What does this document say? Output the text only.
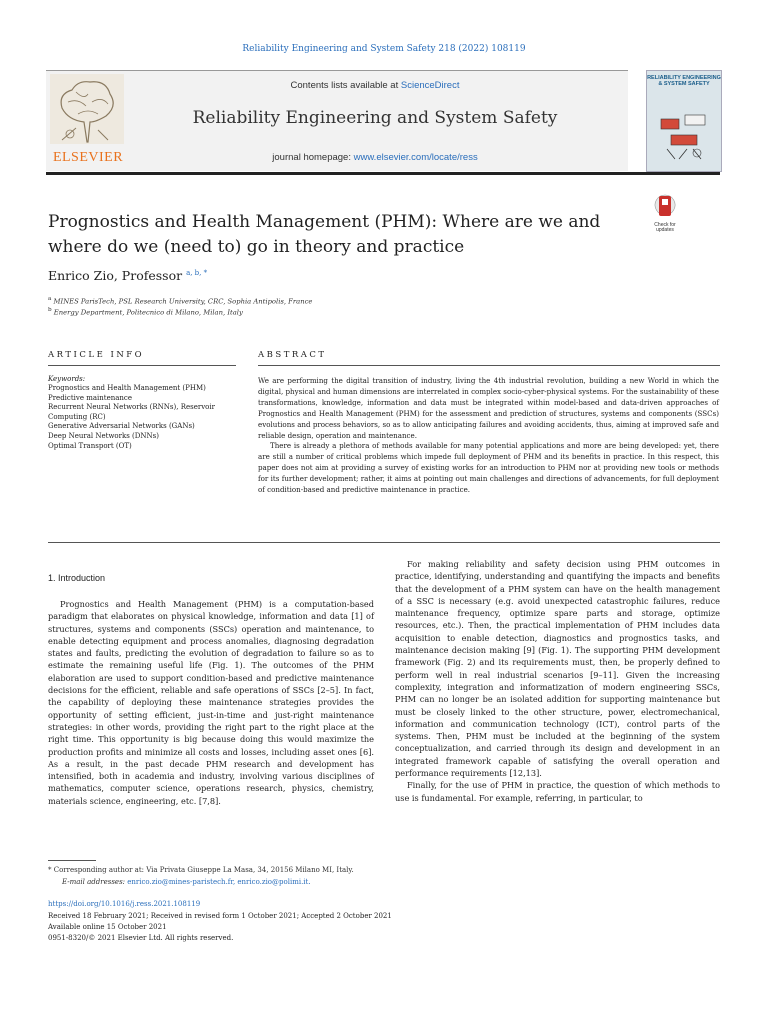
Reliability Engineering and System Safety 218 (2022) 108119
ELSEVIER
Contents lists available at ScienceDirect
Reliability Engineering and System Safety
journal homepage: www.elsevier.com/locate/ress
RELIABILITY ENGINEERING & SYSTEM SAFETY
Prognostics and Health Management (PHM): Where are we and where do we (need to) go in theory and practice
Check for updates
Enrico Zio, Professor $^{a, b, *}$
$^a$ MINES ParisTech, PSL Research University, CRC, Sophia Antipolis, France
$^b$ Energy Department, Politecnico di Milano, Milan, Italy
ARTICLE INFO	ABSTRACT
Keywords:
Prognostics and Health Management (PHM)
Predictive maintenance
Recurrent Neural Networks (RNNs), Reservoir Computing (RC)
Generative Adversarial Networks (GANs)
Deep Neural Networks (DNNs)
Optimal Transport (OT)

We are performing the digital transition of industry, living the 4th industrial revolution, building a new World in which the digital, physical and human dimensions are interrelated in complex socio-cyber-physical systems. For the sustainability of these transformations, knowledge, information and data must be integrated within model-based and data-driven approaches of Prognostics and Health Management (PHM) for the assessment and prediction of structures, systems and components (SSCs) evolutions and process behaviors, so as to allow anticipating failures and avoiding accidents, thus, aiming at improved safe and reliable design, operation and maintenance.

There is already a plethora of methods available for many potential applications and more are being developed: yet, there are still a number of critical problems which impede full deployment of PHM and its benefits in practice. In this respect, this paper does not aim at providing a survey of existing works for an introduction to PHM nor at providing new tools or methods for its further development; rather, it aims at pointing out main challenges and directions of advancements, for full deployment of condition-based and predictive maintenance in practice.

1. Introduction

Prognostics and Health Management (PHM) is a computation-based paradigm that elaborates on physical knowledge, information and data [1] of structures, systems and components (SSCs) operation and maintenance, to enable detecting equipment and process anomalies, diagnosing degradation states and faults, predicting the evolution of degradation to failure so as to estimate the remaining useful life (Fig. 1). The outcomes of the PHM elaboration are used to support condition-based and predictive maintenance decisions for the efficient, reliable and safe operations of SSCs [2–5]. In fact, the capability of deploying these maintenance strategies provides the opportunity of setting efficient, just-in-time and just-right maintenance strategies: in other words, providing the right part to the right place at the right time. This opportunity is big because doing this would maximize the production profits and minimize all costs and losses, including asset ones [6]. As a result, in the past decade PHM research and development has intensified, both in academia and industry, involving various disciplines of mathematics, computer science, operations research, physics, chemistry, materials science, engineering, etc. [7,8].

For making reliability and safety decision using PHM outcomes in practice, identifying, understanding and quantifying the impacts and benefits that the development of a PHM system can have on the health management of a SSC is necessary (e.g. avoid unexpected catastrophic failures, reduce maintenance frequency, optimize spare parts and storage, optimize resources, etc.). Then, the practical implementation of PHM includes data acquisition to enable detection, diagnostics and prognostics tasks, and maintenance decision making [9] (Fig. 1). The supporting PHM development framework (Fig. 2) and its requirements must, then, be properly defined to perform well in real industrial scenarios [9–11]. Given the increasing complexity, integration and informatization of modern engineering SSCs, PHM can no longer be an isolated addition for supporting maintenance but must be closely linked to the other structure, power, electromechanical, information and communication technology (ICT), control parts of the systems. Then, PHM must be included at the beginning of the system conceptualization, and carried through its design and development in an integrated framework capable of satisfying the overall operation and performance requirements [12,13].

Finally, for the use of PHM in practice, the question of which methods to use is fundamental. For example, referring, in particular, to

* Corresponding author at: Via Privata Giuseppe La Masa, 34, 20156 Milano MI, Italy.
E-mail addresses: enrico.zio@mines-paristech.fr, enrico.zio@polimi.it.
https://doi.org/10.1016/j.ress.2021.108119
Received 18 February 2021; Received in revised form 1 October 2021; Accepted 2 October 2021
Available online 15 October 2021
0951-8320/© 2021 Elsevier Ltd. All rights reserved.
